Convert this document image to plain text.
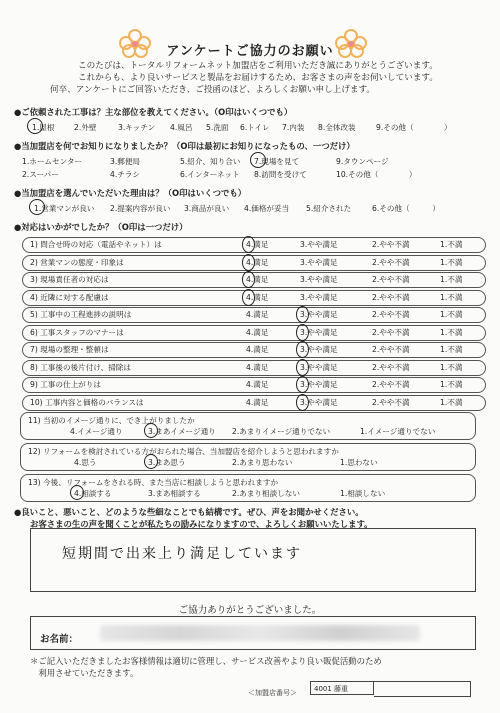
アンケートご協力のお願い
このたびは、トータルリフォームネット加盟店をご利用いただき誠にありがとうございます。
これからも、より良いサービスと製品をお届けするため、お客さまの声をお伺いしています。
何卒、アンケートにご回答いただき、ご投函のほど、よろしくお願い申し上げます。
●ご依頼された工事は？主な部位を教えてください。（O印はいくつでも）
1.屋根	2.外壁	3.キッチン 4.風呂 5.洗面 6.トイレ 7.内装 8.全体改装	9.その他（　　　　）
●当加盟店を何でお知りになりましたか？（O印は最初にお知りになったもの、一つだけ）
1.ホームセンター	3.郵便局	5.紹介、知り合い 7.現場を見て	9.タウンページ
2.スーパー	4.チラシ	6.インターネット 8.訪問を受けて	10.その他（　　　　）
●当加盟店を選んでいただいた理由は？（O印はいくつでも）
1.営業マンが良い 2.提案内容が良い 3.商品が良い 4.価格が妥当 5.紹介された	6.その他（　　　）
●対応はいかがでしたか？（O印は一つだけ）
1) 問合せ時の対応（電話やネット）は	4.満足	3.やや満足	2.やや不満	1.不満
2) 営業マンの態度・印象は	4.満足	3.やや満足	2.やや不満	1.不満
3) 現場責任者の対応は	4.満足	3.やや満足	2.やや不満	1.不満
4) 近隣に対する配慮は	4.満足	3.やや満足	2.やや不満	1.不満
5) 工事中の工程進捗の説明は	4.満足	3.やや満足	2.やや不満	1.不満
6) 工事スタッフのマナーは	4.満足	3.やや満足	2.やや不満	1.不満
7) 現場の整理・整頓は	4.満足	3.やや満足	2.やや不満	1.不満
8) 工事後の後片付け、掃除は	4.満足	3.やや満足	2.やや不満	1.不満
9) 工事の仕上がりは	4.満足	3.やや満足	2.やや不満	1.不満
10) 工事内容と価格のバランスは	4.満足	3.やや満足	2.やや不満	1.不満
11) 当初のイメージ通りに、でき上がりましたか
4.イメージ通り	3.まあイメージ通り 2.あまりイメージ通りでない	1.イメージ通りでない
12) リフォームを検討されている方がおられた場合、当加盟店を紹介しようと思われますか
4.思う	3.まあ思う	2.あまり思わない	1.思わない
13) 今後、リフォームをされる時、また当店に相談しようと思われますか
4.相談する	3.まあ相談する	2.あまり相談しない	1.相談しない
●良いこと、悪いこと、どのような些細なことでも結構です。ぜひ、声をお聞かせください。
お客さまの生の声を聞くことが私たちの励みになりますので、よろしくお願いいたします。
短期間で出来上り満足しています
ご協力ありがとうございました。
お名前：
＊ご記入いただきましたお客様情報は適切に管理し、サービス改善やより良い販促活動のため
　利用させていただきます。
＜加盟店番号＞	4001 藤重
